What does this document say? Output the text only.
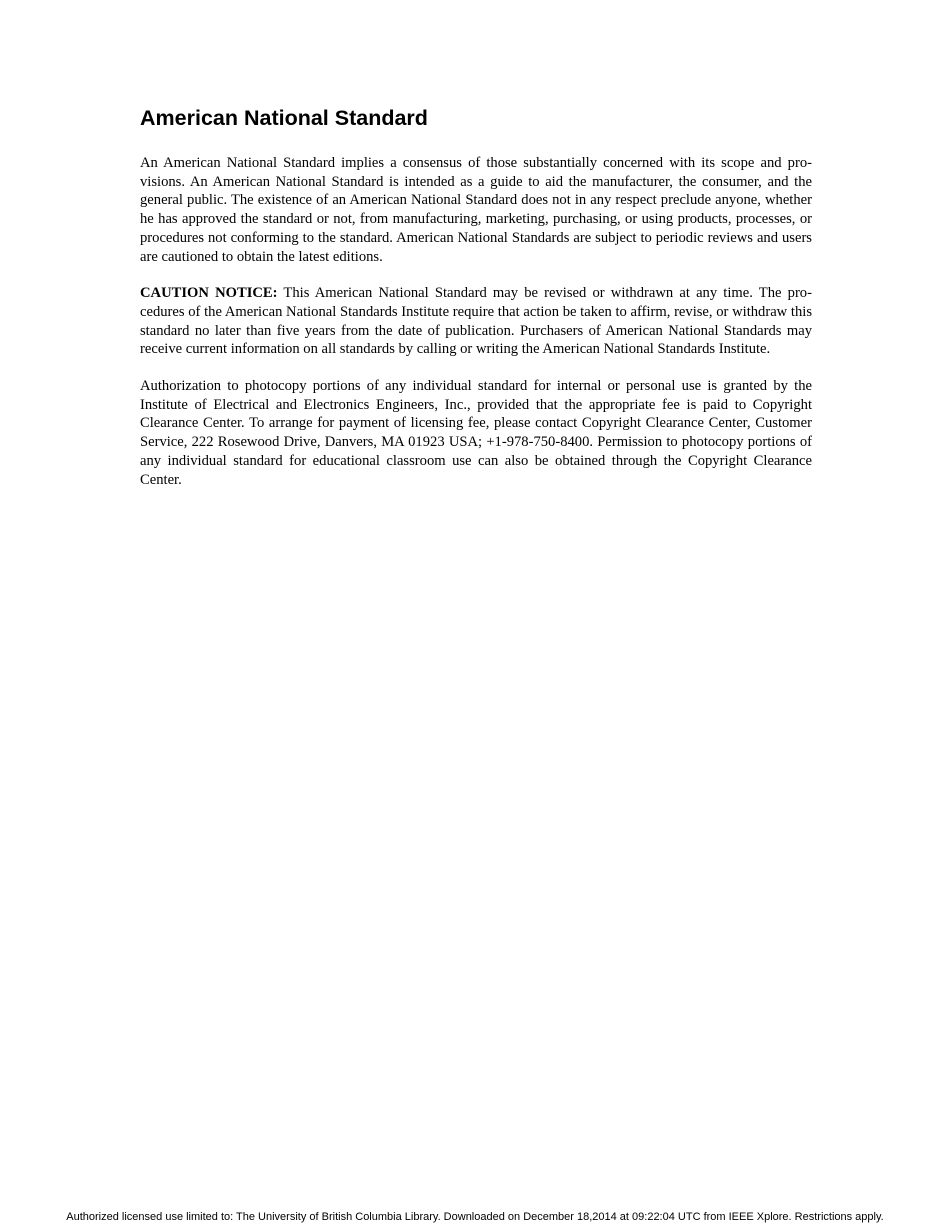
American National Standard

An American National Standard implies a consensus of those substantially concerned with its scope and provisions. An American National Standard is intended as a guide to aid the manufacturer, the consumer, and the general public. The existence of an American National Standard does not in any respect preclude anyone, whether he has approved the standard or not, from manufacturing, marketing, purchasing, or using products, processes, or procedures not conforming to the standard. American National Standards are subject to periodic reviews and users are cautioned to obtain the latest editions.

CAUTION NOTICE: This American National Standard may be revised or withdrawn at any time. The procedures of the American National Standards Institute require that action be taken to affirm, revise, or withdraw this standard no later than five years from the date of publication. Purchasers of American National Standards may receive current information on all standards by calling or writing the American National Standards Institute.

Authorization to photocopy portions of any individual standard for internal or personal use is granted by the Institute of Electrical and Electronics Engineers, Inc., provided that the appropriate fee is paid to Copyright Clearance Center. To arrange for payment of licensing fee, please contact Copyright Clearance Center, Customer Service, 222 Rosewood Drive, Danvers, MA 01923 USA; +1-978-750-8400. Permission to photocopy portions of any individual standard for educational classroom use can also be obtained through the Copyright Clearance Center.

Authorized licensed use limited to: The University of British Columbia Library. Downloaded on December 18,2014 at 09:22:04 UTC from IEEE Xplore. Restrictions apply.
